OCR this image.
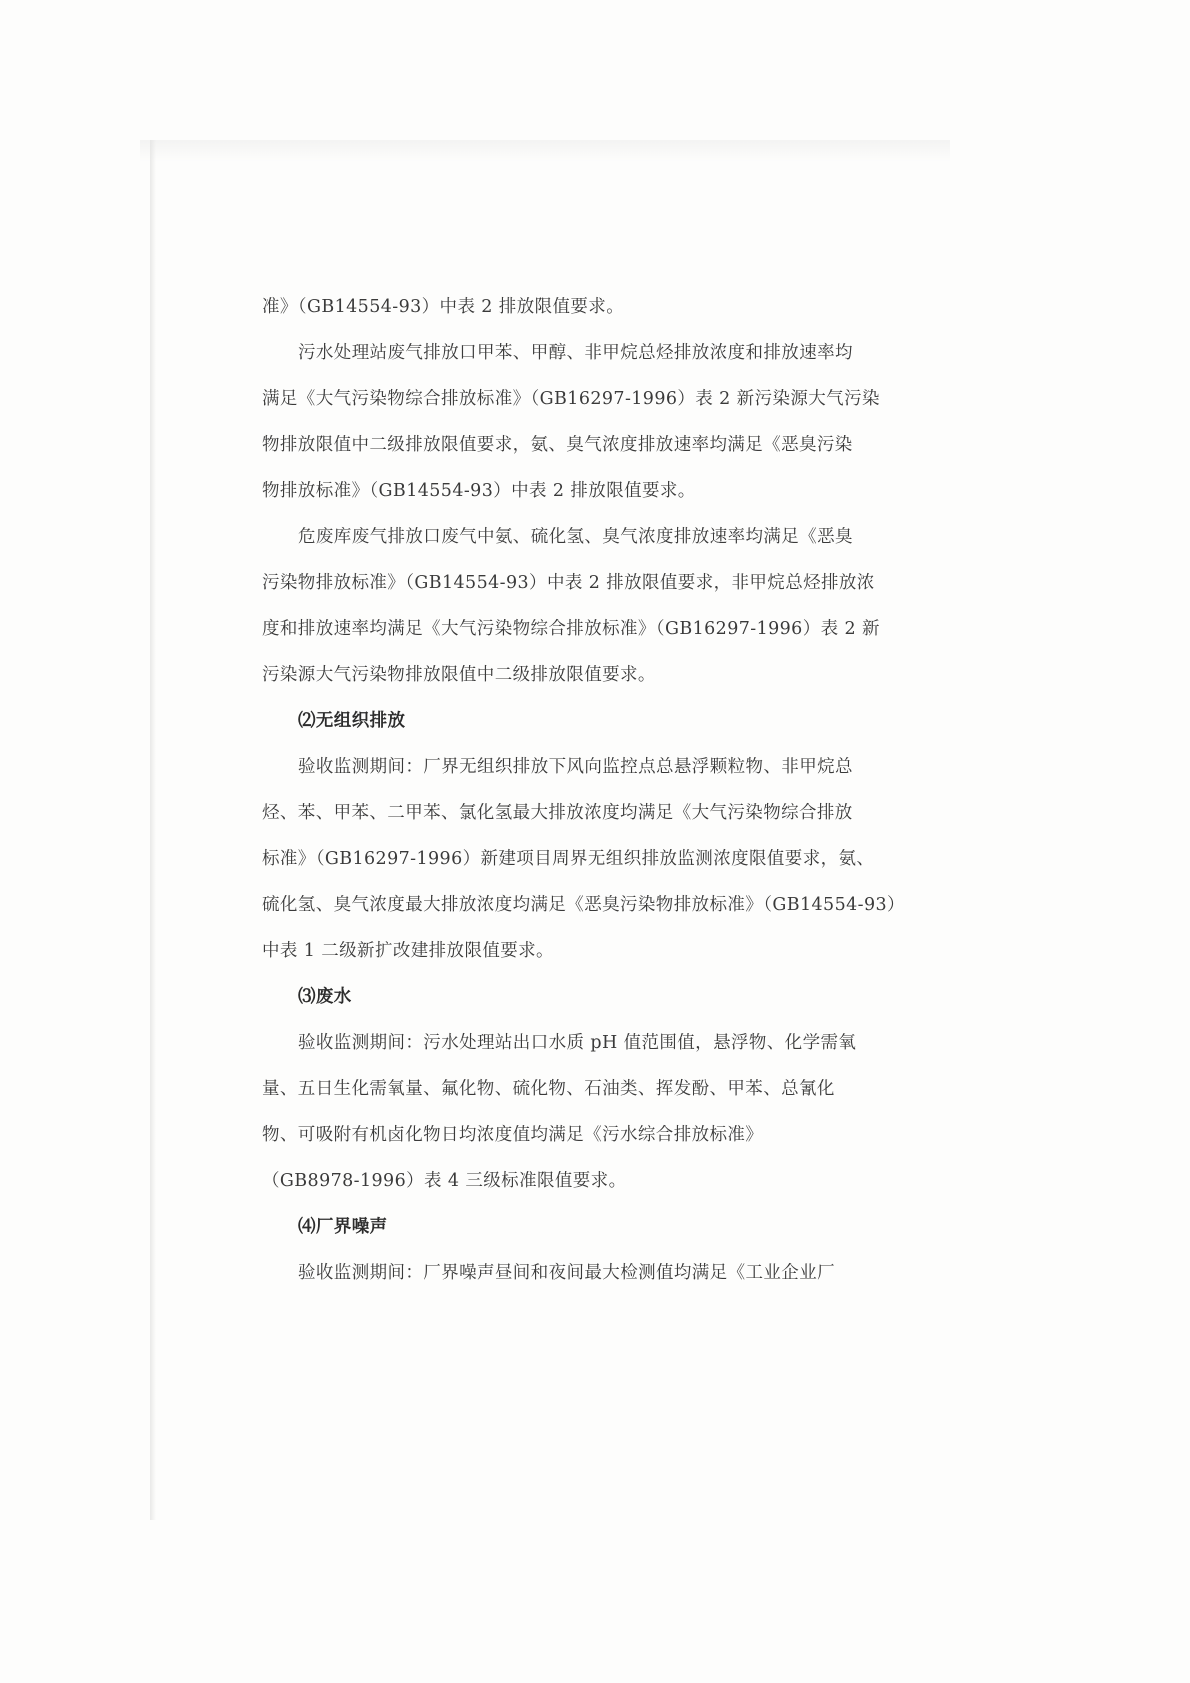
准》（GB14554-93）中表 2 排放限值要求。
污水处理站废气排放口甲苯、甲醇、非甲烷总烃排放浓度和排放速率均
满足《大气污染物综合排放标准》（GB16297-1996）表 2 新污染源大气污染
物排放限值中二级排放限值要求，氨、臭气浓度排放速率均满足《恶臭污染
物排放标准》（GB14554-93）中表 2 排放限值要求。
危废库废气排放口废气中氨、硫化氢、臭气浓度排放速率均满足《恶臭
污染物排放标准》（GB14554-93）中表 2 排放限值要求，非甲烷总烃排放浓
度和排放速率均满足《大气污染物综合排放标准》（GB16297-1996）表 2 新
污染源大气污染物排放限值中二级排放限值要求。
⑵无组织排放
验收监测期间：厂界无组织排放下风向监控点总悬浮颗粒物、非甲烷总
烃、苯、甲苯、二甲苯、氯化氢最大排放浓度均满足《大气污染物综合排放
标准》（GB16297-1996）新建项目周界无组织排放监测浓度限值要求，氨、
硫化氢、臭气浓度最大排放浓度均满足《恶臭污染物排放标准》（GB14554-93）
中表 1 二级新扩改建排放限值要求。
⑶废水
验收监测期间：污水处理站出口水质 pH 值范围值，悬浮物、化学需氧
量、五日生化需氧量、氟化物、硫化物、石油类、挥发酚、甲苯、总氰化
物、可吸附有机卤化物日均浓度值均满足《污水综合排放标准》
（GB8978-1996）表 4 三级标准限值要求。
⑷厂界噪声
验收监测期间：厂界噪声昼间和夜间最大检测值均满足《工业企业厂
